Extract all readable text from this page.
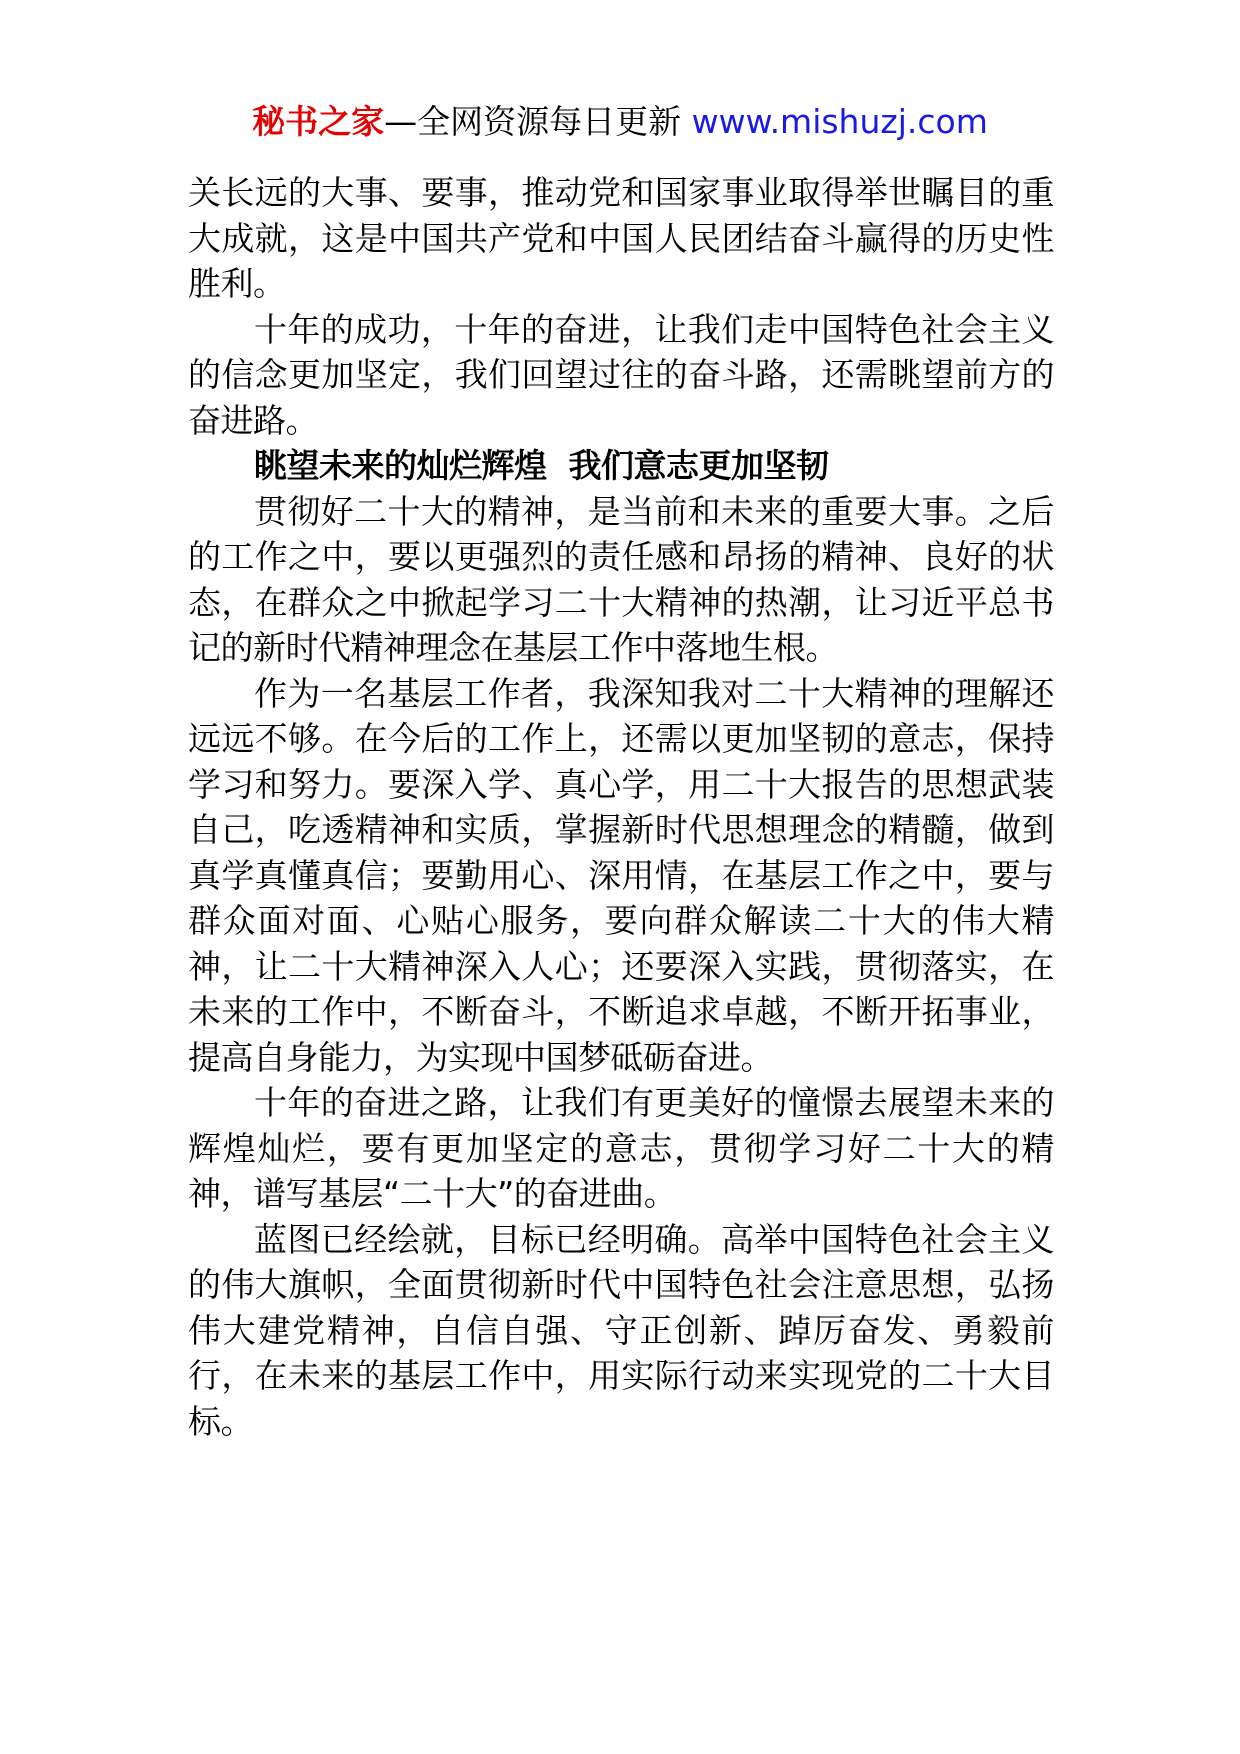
秘书之家—全网资源每日更新 www.mishuzj.com

关长远的大事、要事，推动党和国家事业取得举世瞩目的重大成就，这是中国共产党和中国人民团结奋斗赢得的历史性胜利。

十年的成功，十年的奋进，让我们走中国特色社会主义的信念更加坚定，我们回望过往的奋斗路，还需眺望前方的奋进路。

眺望未来的灿烂辉煌  我们意志更加坚韧

贯彻好二十大的精神，是当前和未来的重要大事。之后的工作之中，要以更强烈的责任感和昂扬的精神、良好的状态，在群众之中掀起学习二十大精神的热潮，让习近平总书记的新时代精神理念在基层工作中落地生根。

作为一名基层工作者，我深知我对二十大精神的理解还远远不够。在今后的工作上，还需以更加坚韧的意志，保持学习和努力。要深入学、真心学，用二十大报告的思想武装自己，吃透精神和实质，掌握新时代思想理念的精髓，做到真学真懂真信；要勤用心、深用情，在基层工作之中，要与群众面对面、心贴心服务，要向群众解读二十大的伟大精神，让二十大精神深入人心；还要深入实践，贯彻落实，在未来的工作中，不断奋斗，不断追求卓越，不断开拓事业，提高自身能力，为实现中国梦砥砺奋进。

十年的奋进之路，让我们有更美好的憧憬去展望未来的辉煌灿烂，要有更加坚定的意志，贯彻学习好二十大的精神，谱写基层“二十大”的奋进曲。

蓝图已经绘就，目标已经明确。高举中国特色社会主义的伟大旗帜，全面贯彻新时代中国特色社会注意思想，弘扬伟大建党精神，自信自强、守正创新、踔厉奋发、勇毅前行，在未来的基层工作中，用实际行动来实现党的二十大目标。
